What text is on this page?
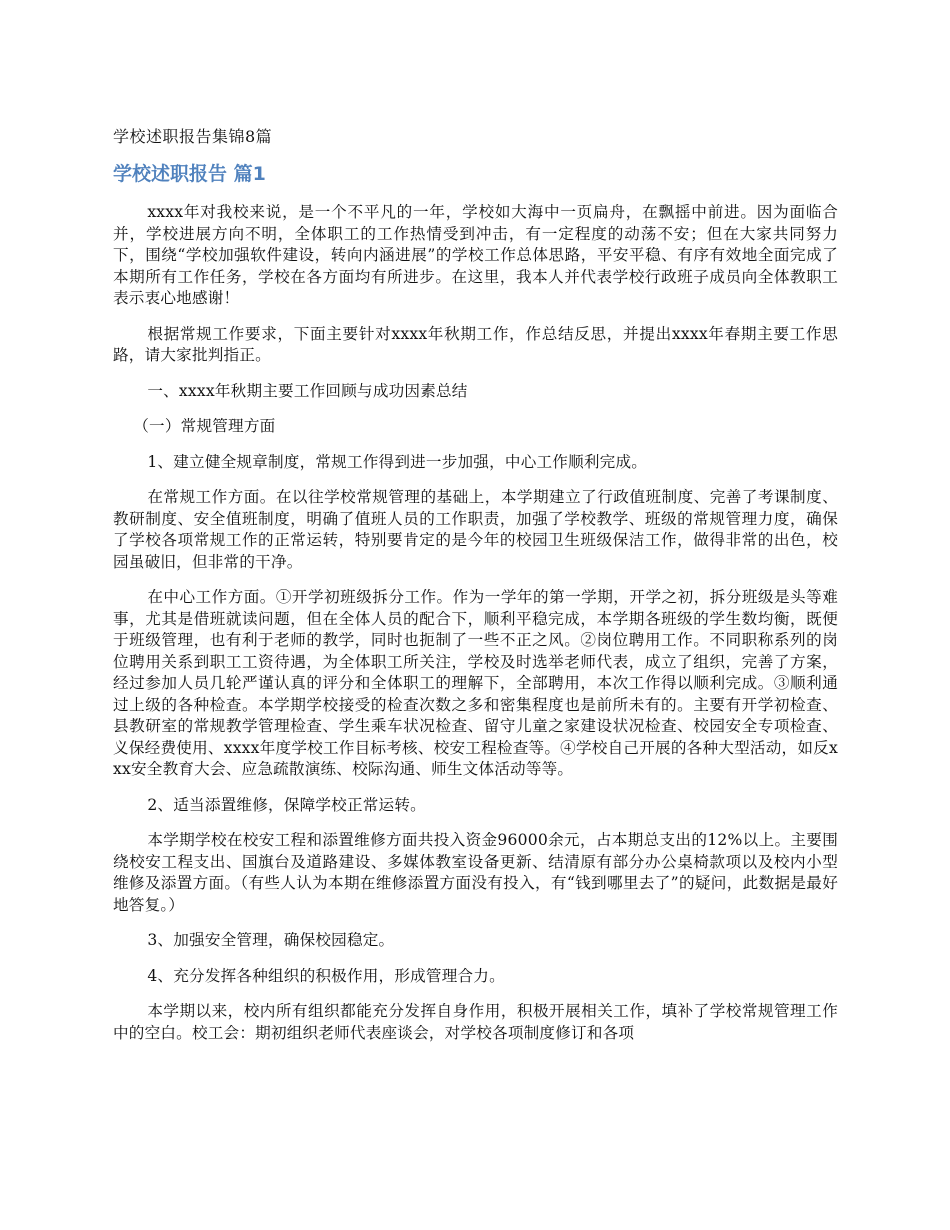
学校述职报告集锦8篇
学校述职报告 篇1

xxxx年对我校来说，是一个不平凡的一年，学校如大海中一页扁舟，在飘摇中前进。因为面临合并，学校进展方向不明，全体职工的工作热情受到冲击，有一定程度的动荡不安；但在大家共同努力下，围绕“学校加强软件建设，转向内涵进展”的学校工作总体思路，平安平稳、有序有效地全面完成了本期所有工作任务，学校在各方面均有所进步。在这里，我本人并代表学校行政班子成员向全体教职工表示衷心地感谢！

根据常规工作要求，下面主要针对xxxx年秋期工作，作总结反思，并提出xxxx年春期主要工作思路，请大家批判指正。

一、xxxx年秋期主要工作回顾与成功因素总结

（一）常规管理方面

1、建立健全规章制度，常规工作得到进一步加强，中心工作顺利完成。

在常规工作方面。在以往学校常规管理的基础上，本学期建立了行政值班制度、完善了考课制度、教研制度、安全值班制度，明确了值班人员的工作职责，加强了学校教学、班级的常规管理力度，确保了学校各项常规工作的正常运转，特别要肯定的是今年的校园卫生班级保洁工作，做得非常的出色，校园虽破旧，但非常的干净。

在中心工作方面。①开学初班级拆分工作。作为一学年的第一学期，开学之初，拆分班级是头等难事，尤其是借班就读问题，但在全体人员的配合下，顺利平稳完成，本学期各班级的学生数均衡，既便于班级管理，也有利于老师的教学，同时也扼制了一些不正之风。②岗位聘用工作。不同职称系列的岗位聘用关系到职工工资待遇，为全体职工所关注，学校及时选举老师代表，成立了组织，完善了方案，经过参加人员几轮严谨认真的评分和全体职工的理解下，全部聘用，本次工作得以顺利完成。③顺利通过上级的各种检查。本学期学校接受的检查次数之多和密集程度也是前所未有的。主要有开学初检查、县教研室的常规教学管理检查、学生乘车状况检查、留守儿童之家建设状况检查、校园安全专项检查、义保经费使用、xxxx年度学校工作目标考核、校安工程检查等。④学校自己开展的各种大型活动，如反xxx安全教育大会、应急疏散演练、校际沟通、师生文体活动等等。

2、适当添置维修，保障学校正常运转。

本学期学校在校安工程和添置维修方面共投入资金96000余元，占本期总支出的12%以上。主要围绕校安工程支出、国旗台及道路建设、多媒体教室设备更新、结清原有部分办公桌椅款项以及校内小型维修及添置方面。（有些人认为本期在维修添置方面没有投入，有“钱到哪里去了”的疑问，此数据是最好地答复。）

3、加强安全管理，确保校园稳定。

4、充分发挥各种组织的积极作用，形成管理合力。

本学期以来，校内所有组织都能充分发挥自身作用，积极开展相关工作，填补了学校常规管理工作中的空白。校工会：期初组织老师代表座谈会，对学校各项制度修订和各项
